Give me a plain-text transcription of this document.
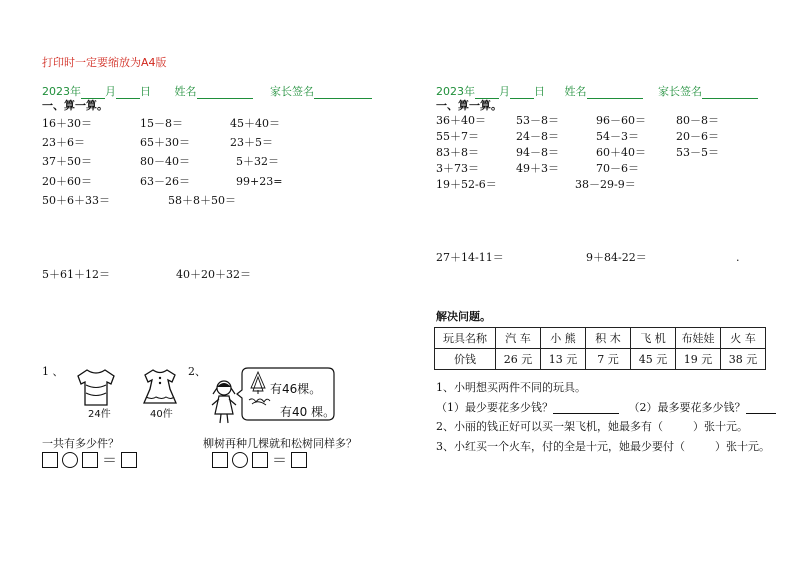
打印时一定要缩放为A4版
2023年 月 日 姓名	家长签名
一、算一算。
16＋30＝	15－8＝	45＋40＝
23＋6＝	65＋30＝	23＋5＝
37＋50＝	80－40＝	5＋32＝
20＋60＝	63－26＝	99+23=
50＋6＋33＝	58＋8＋50＝
5＋61＋12＝	40＋20＋32＝
1 、
24件	40件
一共有多少件？
＝
2、
有46棵。
有40 棵。
柳树再种几棵就和松树同样多？
＝
2023年 月 日 姓名	家长签名
一、算一算。
36＋40＝	53－8＝	96－60＝	80－8＝
55＋7＝	24－8＝	54－3＝	20－6＝
83＋8＝	94－8＝	60＋40＝	53－5＝
3＋73＝	49＋3＝	70－6＝
19＋52-6＝	38－29-9＝
27＋14-11＝	9＋84-22＝	.
解决问题。
玩具名称	汽 车	小 熊	积 木	飞 机	布娃娃	火 车
价钱	26 元	13 元	7 元	45 元	19 元	38 元
1、小明想买两件不同的玩具。
（1）最少要花多少钱？	（2）最多要花多少钱？
2、小丽的钱正好可以买一架飞机，她最多有（	）张十元。
3、小红买一个火车，付的全是十元，她最少要付（	）张十元。
